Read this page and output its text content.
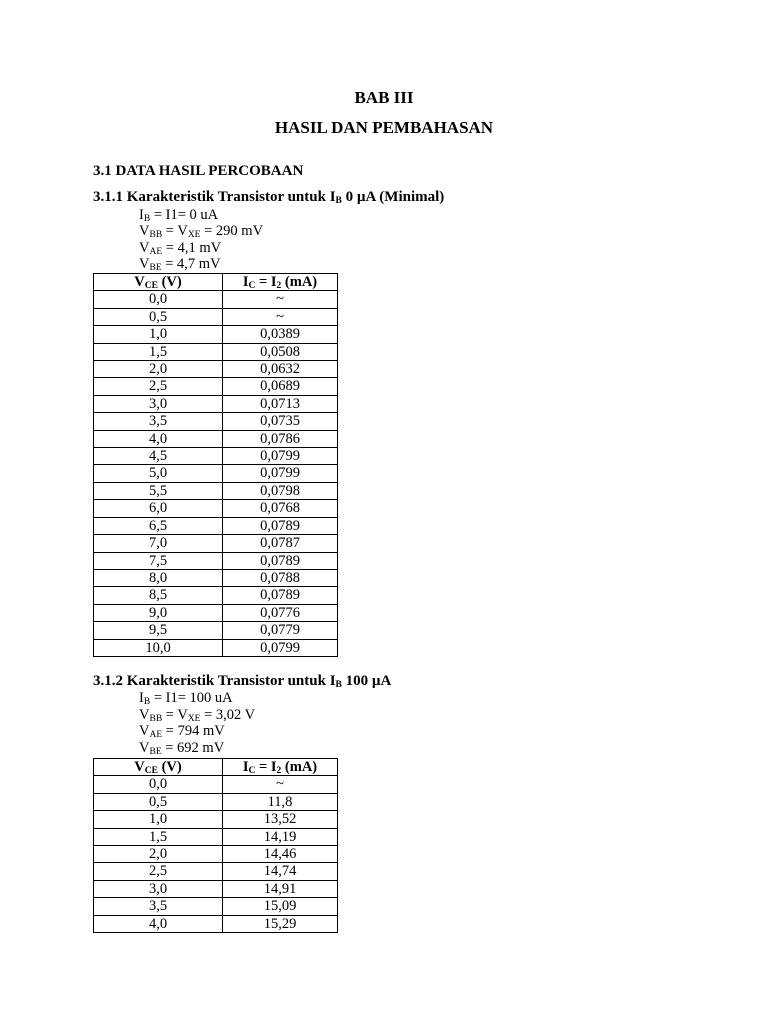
BAB III
HASIL DAN PEMBAHASAN
3.1 DATA HASIL PERCOBAAN
3.1.1 Karakteristik Transistor untuk $I_B$ 0 µA (Minimal)
$I_B = I1= 0$ uA
$V_{BB} = V_{XE} = 290$ mV
$V_{AE} = 4,1$ mV
$V_{BE} = 4,7$ mV
$V_{CE}$ (V)	$I_C = I_2$ (mA)
0,0	~
0,5	~
1,0	0,0389
1,5	0,0508
2,0	0,0632
2,5	0,0689
3,0	0,0713
3,5	0,0735
4,0	0,0786
4,5	0,0799
5,0	0,0799
5,5	0,0798
6,0	0,0768
6,5	0,0789
7,0	0,0787
7,5	0,0789
8,0	0,0788
8,5	0,0789
9,0	0,0776
9,5	0,0779
10,0	0,0799
3.1.2 Karakteristik Transistor untuk $I_B$ 100 µA
$I_B = I1= 100$ uA
$V_{BB} = V_{XE} = 3,02$ V
$V_{AE} = 794$ mV
$V_{BE} = 692$ mV
$V_{CE}$ (V)	$I_C = I_2$ (mA)
0,0	~
0,5	11,8
1,0	13,52
1,5	14,19
2,0	14,46
2,5	14,74
3,0	14,91
3,5	15,09
4,0	15,29
